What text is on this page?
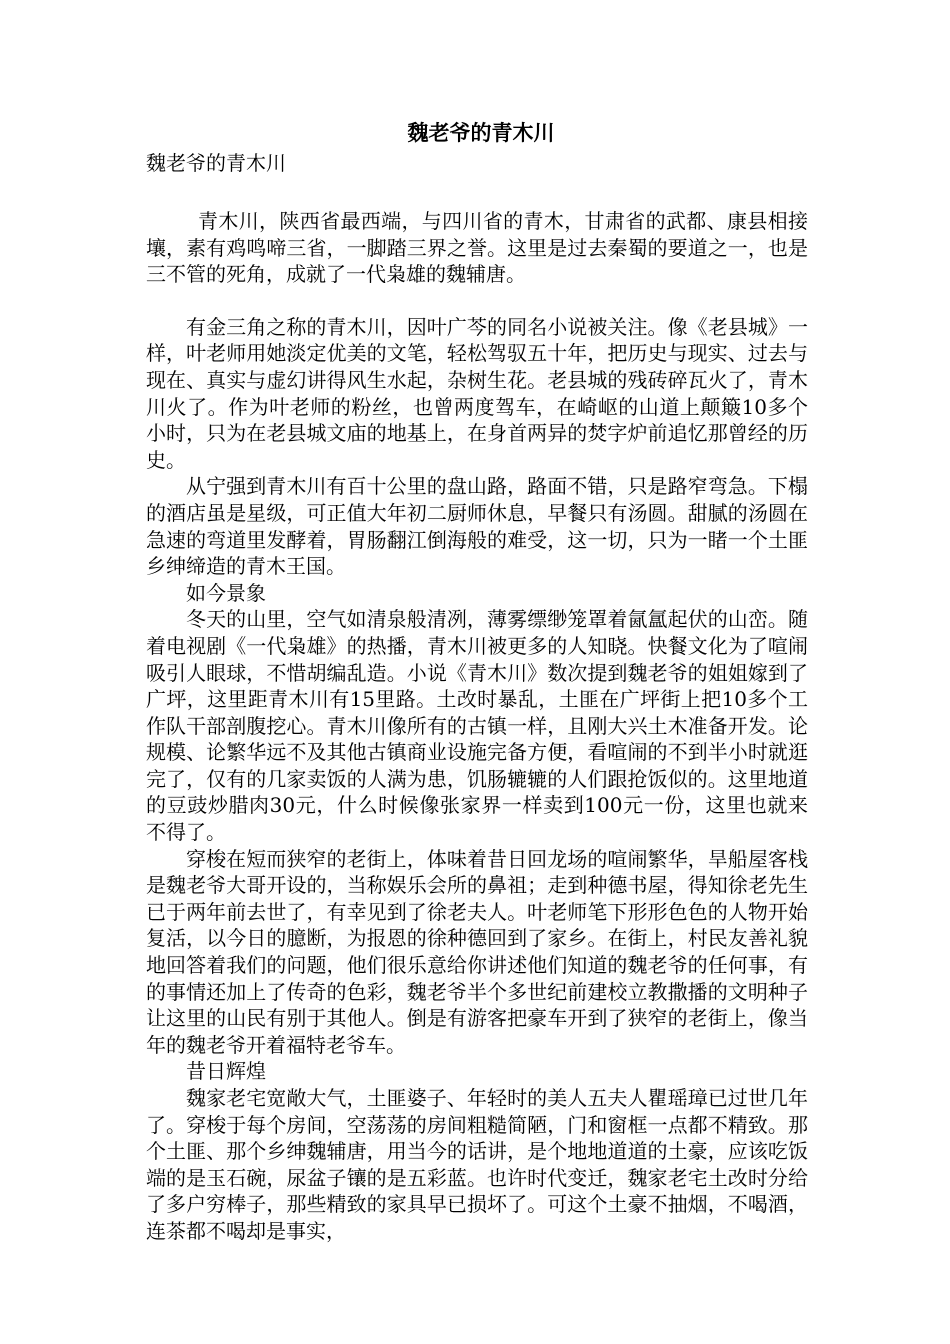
魏老爷的青木川

魏老爷的青木川

青木川，陕西省最西端，与四川省的青木，甘肃省的武都、康县相接壤，素有鸡鸣啼三省，一脚踏三界之誉。这里是过去秦蜀的要道之一，也是三不管的死角，成就了一代枭雄的魏辅唐。

有金三角之称的青木川，因叶广芩的同名小说被关注。像《老县城》一样，叶老师用她淡定优美的文笔，轻松驾驭五十年，把历史与现实、过去与现在、真实与虚幻讲得风生水起，杂树生花。老县城的残砖碎瓦火了，青木川火了。作为叶老师的粉丝，也曾两度驾车，在崎岖的山道上颠簸10多个小时，只为在老县城文庙的地基上，在身首两异的焚字炉前追忆那曾经的历史。

从宁强到青木川有百十公里的盘山路，路面不错，只是路窄弯急。下榻的酒店虽是星级，可正值大年初二厨师休息，早餐只有汤圆。甜腻的汤圆在急速的弯道里发酵着，胃肠翻江倒海般的难受，这一切，只为一睹一个土匪乡绅缔造的青木王国。

如今景象

冬天的山里，空气如清泉般清冽，薄雾缥缈笼罩着氤氲起伏的山峦。随着电视剧《一代枭雄》的热播，青木川被更多的人知晓。快餐文化为了喧闹吸引人眼球，不惜胡编乱造。小说《青木川》数次提到魏老爷的姐姐嫁到了广坪，这里距青木川有15里路。土改时暴乱，土匪在广坪街上把10多个工作队干部剖腹挖心。青木川像所有的古镇一样，且刚大兴土木准备开发。论规模、论繁华远不及其他古镇商业设施完备方便，看喧闹的不到半小时就逛完了，仅有的几家卖饭的人满为患，饥肠辘辘的人们跟抢饭似的。这里地道的豆豉炒腊肉30元，什么时候像张家界一样卖到100元一份，这里也就来不得了。

穿梭在短而狭窄的老街上，体味着昔日回龙场的喧闹繁华，旱船屋客栈是魏老爷大哥开设的，当称娱乐会所的鼻祖；走到种德书屋，得知徐老先生已于两年前去世了，有幸见到了徐老夫人。叶老师笔下形形色色的人物开始复活，以今日的臆断，为报恩的徐种德回到了家乡。在街上，村民友善礼貌地回答着我们的问题，他们很乐意给你讲述他们知道的魏老爷的任何事，有的事情还加上了传奇的色彩，魏老爷半个多世纪前建校立教撒播的文明种子让这里的山民有别于其他人。倒是有游客把豪车开到了狭窄的老街上，像当年的魏老爷开着福特老爷车。

昔日辉煌

魏家老宅宽敞大气，土匪婆子、年轻时的美人五夫人瞿瑶璋已过世几年了。穿梭于每个房间，空荡荡的房间粗糙简陋，门和窗框一点都不精致。那个土匪、那个乡绅魏辅唐，用当今的话讲，是个地地道道的土豪，应该吃饭端的是玉石碗，尿盆子镶的是五彩蓝。也许时代变迁，魏家老宅土改时分给了多户穷棒子，那些精致的家具早已损坏了。可这个土豪不抽烟，不喝酒，连茶都不喝却是事实，
